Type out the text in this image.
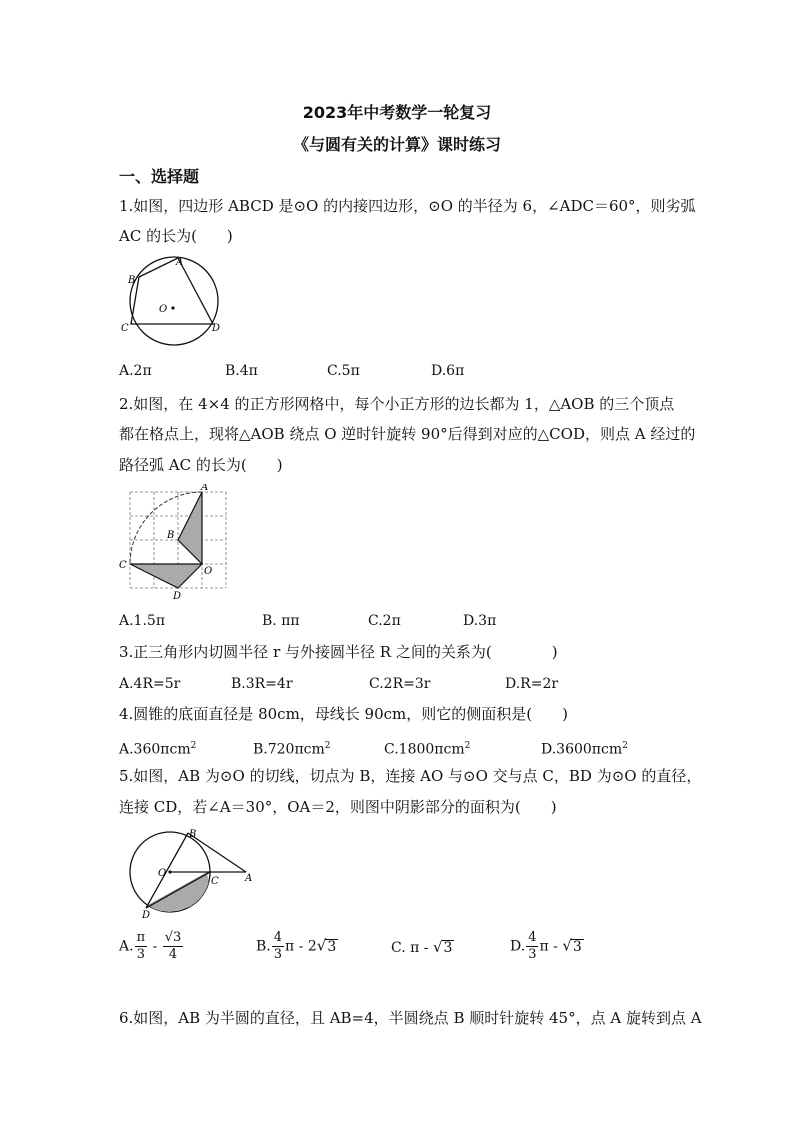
2023年中考数学一轮复习
《与圆有关的计算》课时练习
一、选择题
1.如图，四边形 ABCD 是⊙O 的内接四边形，⊙O 的半径为 6，∠ADC＝60°，则劣弧
AC 的长为(　　)
A
B
C	D
O
A.2π	B.4π	C.5π	D.6π
2.如图，在 4×4 的正方形网格中，每个小正方形的边长都为 1，△AOB 的三个顶点
都在格点上，现将△AOB 绕点 O 逆时针旋转 90°后得到对应的△COD，则点 A 经过的
路径弧 AC 的长为(　　)
A
B
C
D
O
A.1.5π	B. ππ	C.2π	D.3π
3.正三角形内切圆半径 r 与外接圆半径 R 之间的关系为(　　　　)
A.4R=5r	B.3R=4r	C.2R=3r	D.R=2r
4.圆锥的底面直径是 80cm，母线长 90cm，则它的侧面积是(　　)
A.360πcm$^2$	B.720πcm$^2$	C.1800πcm$^2$	D.3600πcm$^2$
5.如图，AB 为⊙O 的切线，切点为 B，连接 AO 与⊙O 交与点 C，BD 为⊙O 的直径，
连接 CD，若∠A＝30°，OA＝2，则图中阴影部分的面积为(　　)
B
O
C	A
D
A. $\frac{\pi}{3} - \frac{√3}{4}$	B. $\frac{4}{3}$ π - 2√3	C. π - √3	D. $\frac{4}{3}$ π - √3
6.如图，AB 为半圆的直径，且 AB=4，半圆绕点 B 顺时针旋转 45°，点 A 旋转到点 A
